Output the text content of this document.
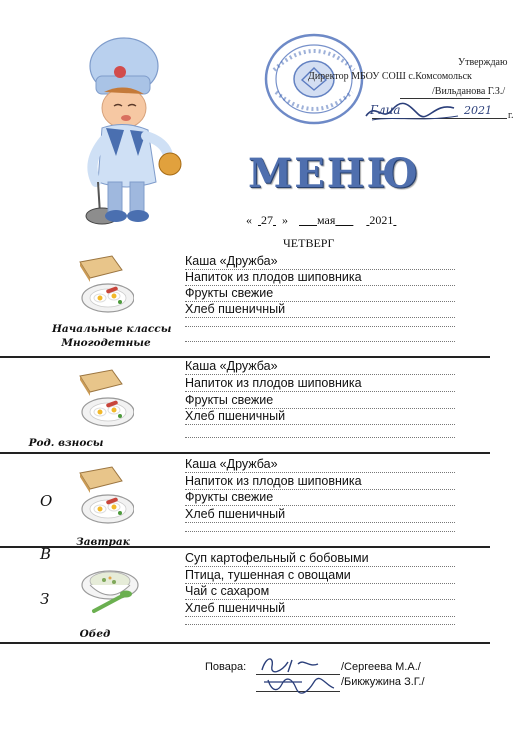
Утверждаю
Директор МБОУ СОШ с.Комсомольск
/Вильданова Г.З./
г.
Глиа	2021
МЕНЮ
« 27 » мая	2021
ЧЕТВЕРГ
Каша «Дружба»
Напиток из плодов шиповника
Фрукты свежие
Хлеб пшеничный
Начальные классы
Многодетные
Каша «Дружба»
Напиток из плодов шиповника
Фрукты свежие
Хлеб пшеничный
Род. взносы
Каша «Дружба»
Напиток из плодов шиповника
Фрукты свежие
Хлеб пшеничный
Завтрак
Суп картофельный с бобовыми
Птица, тушенная с овощами
Чай с сахаром
Хлеб пшеничный
Обед
О
В
З
Повара:	/Сергеева М.А./
/Бикжужина З.Г./
